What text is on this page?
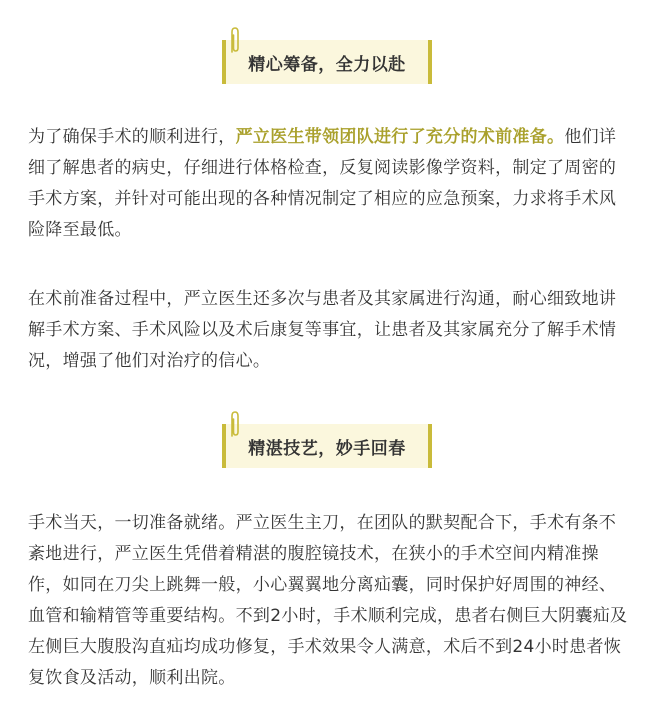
精心筹备，全力以赴

为了确保手术的顺利进行，严立医生带领团队进行了充分的术前准备。他们详细了解患者的病史，仔细进行体格检查，反复阅读影像学资料，制定了周密的手术方案，并针对可能出现的各种情况制定了相应的应急预案，力求将手术风险降至最低。

在术前准备过程中，严立医生还多次与患者及其家属进行沟通，耐心细致地讲解手术方案、手术风险以及术后康复等事宜，让患者及其家属充分了解手术情况，增强了他们对治疗的信心。

精湛技艺，妙手回春

手术当天，一切准备就绪。严立医生主刀，在团队的默契配合下，手术有条不紊地进行，严立医生凭借着精湛的腹腔镜技术，在狭小的手术空间内精准操作，如同在刀尖上跳舞一般，小心翼翼地分离疝囊，同时保护好周围的神经、血管和输精管等重要结构。不到2小时，手术顺利完成，患者右侧巨大阴囊疝及左侧巨大腹股沟直疝均成功修复，手术效果令人满意，术后不到24小时患者恢复饮食及活动，顺利出院。
